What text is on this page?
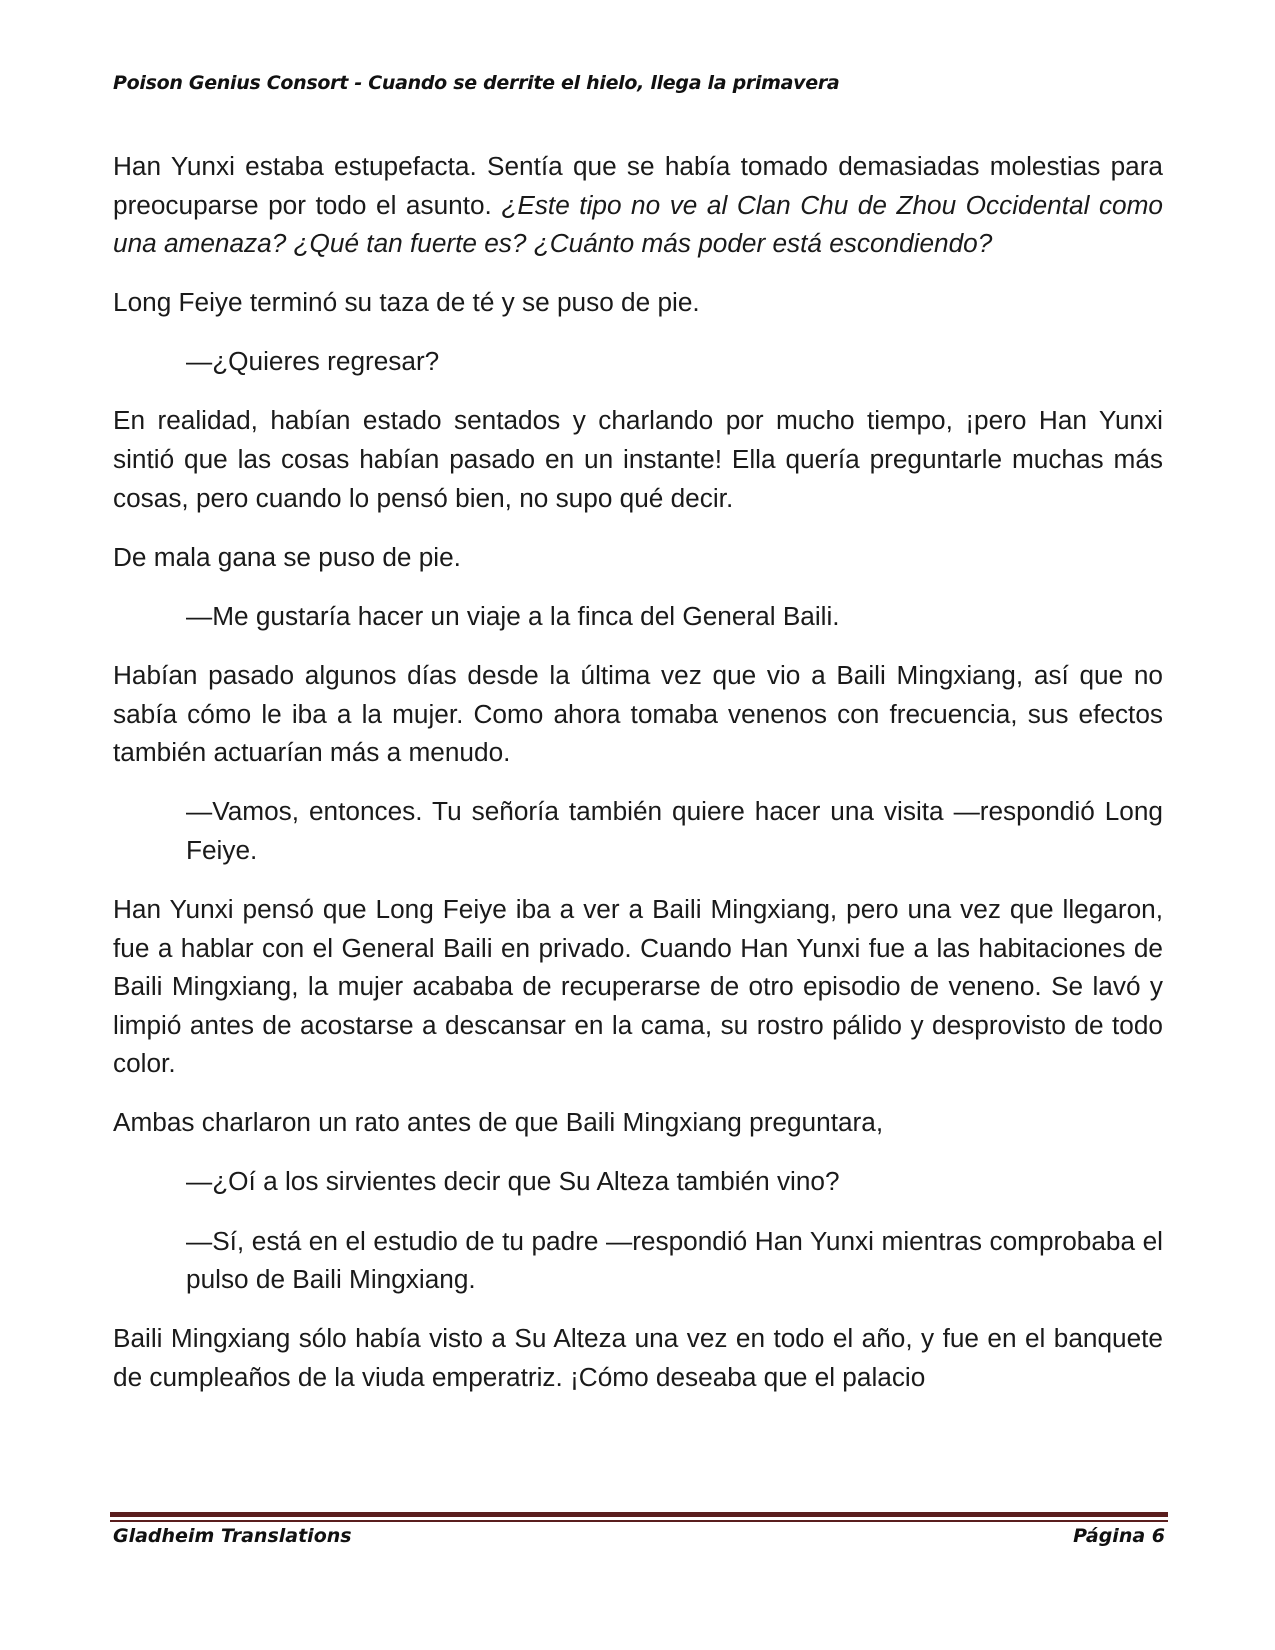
Poison Genius Consort - Cuando se derrite el hielo, llega la primavera

Han Yunxi estaba estupefacta. Sentía que se había tomado demasiadas molestias para preocuparse por todo el asunto. ¿Este tipo no ve al Clan Chu de Zhou Occidental como una amenaza? ¿Qué tan fuerte es? ¿Cuánto más poder está escondiendo?

Long Feiye terminó su taza de té y se puso de pie.

—¿Quieres regresar?

En realidad, habían estado sentados y charlando por mucho tiempo, ¡pero Han Yunxi sintió que las cosas habían pasado en un instante! Ella quería preguntarle muchas más cosas, pero cuando lo pensó bien, no supo qué decir.

De mala gana se puso de pie.

—Me gustaría hacer un viaje a la finca del General Baili.

Habían pasado algunos días desde la última vez que vio a Baili Mingxiang, así que no sabía cómo le iba a la mujer. Como ahora tomaba venenos con frecuencia, sus efectos también actuarían más a menudo.

—Vamos, entonces. Tu señoría también quiere hacer una visita —respondió Long Feiye.

Han Yunxi pensó que Long Feiye iba a ver a Baili Mingxiang, pero una vez que llegaron, fue a hablar con el General Baili en privado. Cuando Han Yunxi fue a las habitaciones de Baili Mingxiang, la mujer acababa de recuperarse de otro episodio de veneno. Se lavó y limpió antes de acostarse a descansar en la cama, su rostro pálido y desprovisto de todo color.

Ambas charlaron un rato antes de que Baili Mingxiang preguntara,

—¿Oí a los sirvientes decir que Su Alteza también vino?

—Sí, está en el estudio de tu padre —respondió Han Yunxi mientras comprobaba el pulso de Baili Mingxiang.

Baili Mingxiang sólo había visto a Su Alteza una vez en todo el año, y fue en el banquete de cumpleaños de la viuda emperatriz. ¡Cómo deseaba que el palacio

Gladheim Translations	Página 6
